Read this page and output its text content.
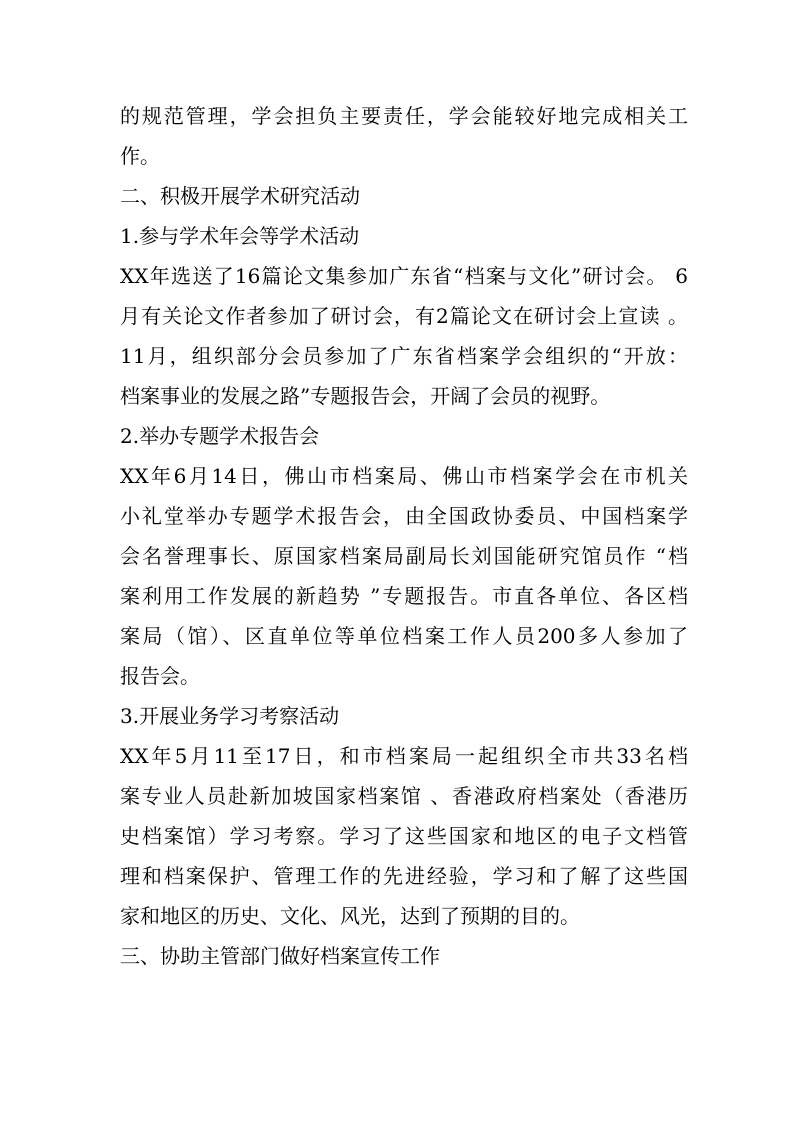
的规范管理，学会担负主要责任，学会能较好地完成相关工
作。
二、积极开展学术研究活动
1.参与学术年会等学术活动
XX年选送了16篇论文集参加广东省“档案与文化”研讨会。 6
月有关论文作者参加了研讨会，有2篇论文在研讨会上宣读 。
11月，组织部分会员参加了广东省档案学会组织的“开放：
档案事业的发展之路”专题报告会，开阔了会员的视野。
2.举办专题学术报告会
XX年6月14日，佛山市档案局、佛山市档案学会在市机关
小礼堂举办专题学术报告会，由全国政协委员、中国档案学
会名誉理事长、原国家档案局副局长刘国能研究馆员作 “档
案利用工作发展的新趋势 ”专题报告。市直各单位、各区档
案局（馆）、区直单位等单位档案工作人员200多人参加了
报告会。
3.开展业务学习考察活动
XX年5月11至17日，和市档案局一起组织全市共33名档
案专业人员赴新加坡国家档案馆 、香港政府档案处（香港历
史档案馆）学习考察。学习了这些国家和地区的电子文档管
理和档案保护、管理工作的先进经验，学习和了解了这些国
家和地区的历史、文化、风光，达到了预期的目的。
三、协助主管部门做好档案宣传工作
